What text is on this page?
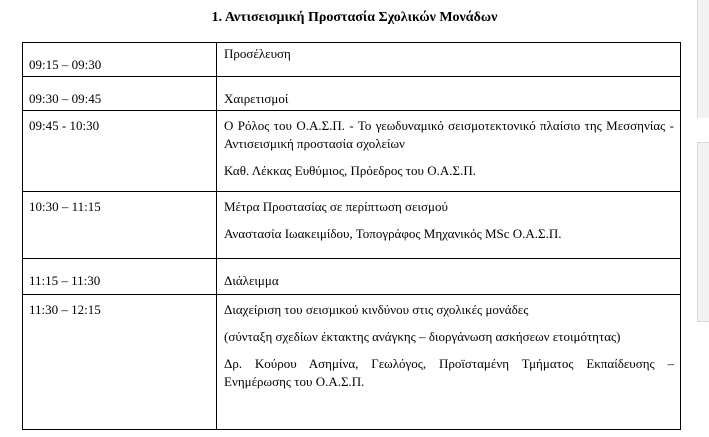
1. Αντισεισμική Προστασία Σχολικών Μονάδων
09:15 – 09:30	Προσέλευση

09:30 – 09:45	Χαιρετισμοί

09:45 - 10:30	Ο Ρόλος του Ο.Α.Σ.Π. - Το γεωδυναμικό σεισμοτεκτονικό πλαίσιο της Μεσσηνίας - Αντισεισμική προστασία σχολείων

Καθ. Λέκκας Ευθύμιος, Πρόεδρος του Ο.Α.Σ.Π.

10:30 – 11:15	Μέτρα Προστασίας σε περίπτωση σεισμού

Αναστασία Ιωακειμίδου, Τοπογράφος Μηχανικός MSc Ο.Α.Σ.Π.

11:15 – 11:30	Διάλειμμα

11:30 – 12:15	Διαχείριση του σεισμικού κινδύνου στις σχολικές μονάδες

(σύνταξη σχεδίων έκτακτης ανάγκης – διοργάνωση ασκήσεων ετοιμότητας)

Δρ. Κούρου Ασημίνα, Γεωλόγος, Προϊσταμένη Τμήματος Εκπαίδευσης – Ενημέρωσης του Ο.Α.Σ.Π.
